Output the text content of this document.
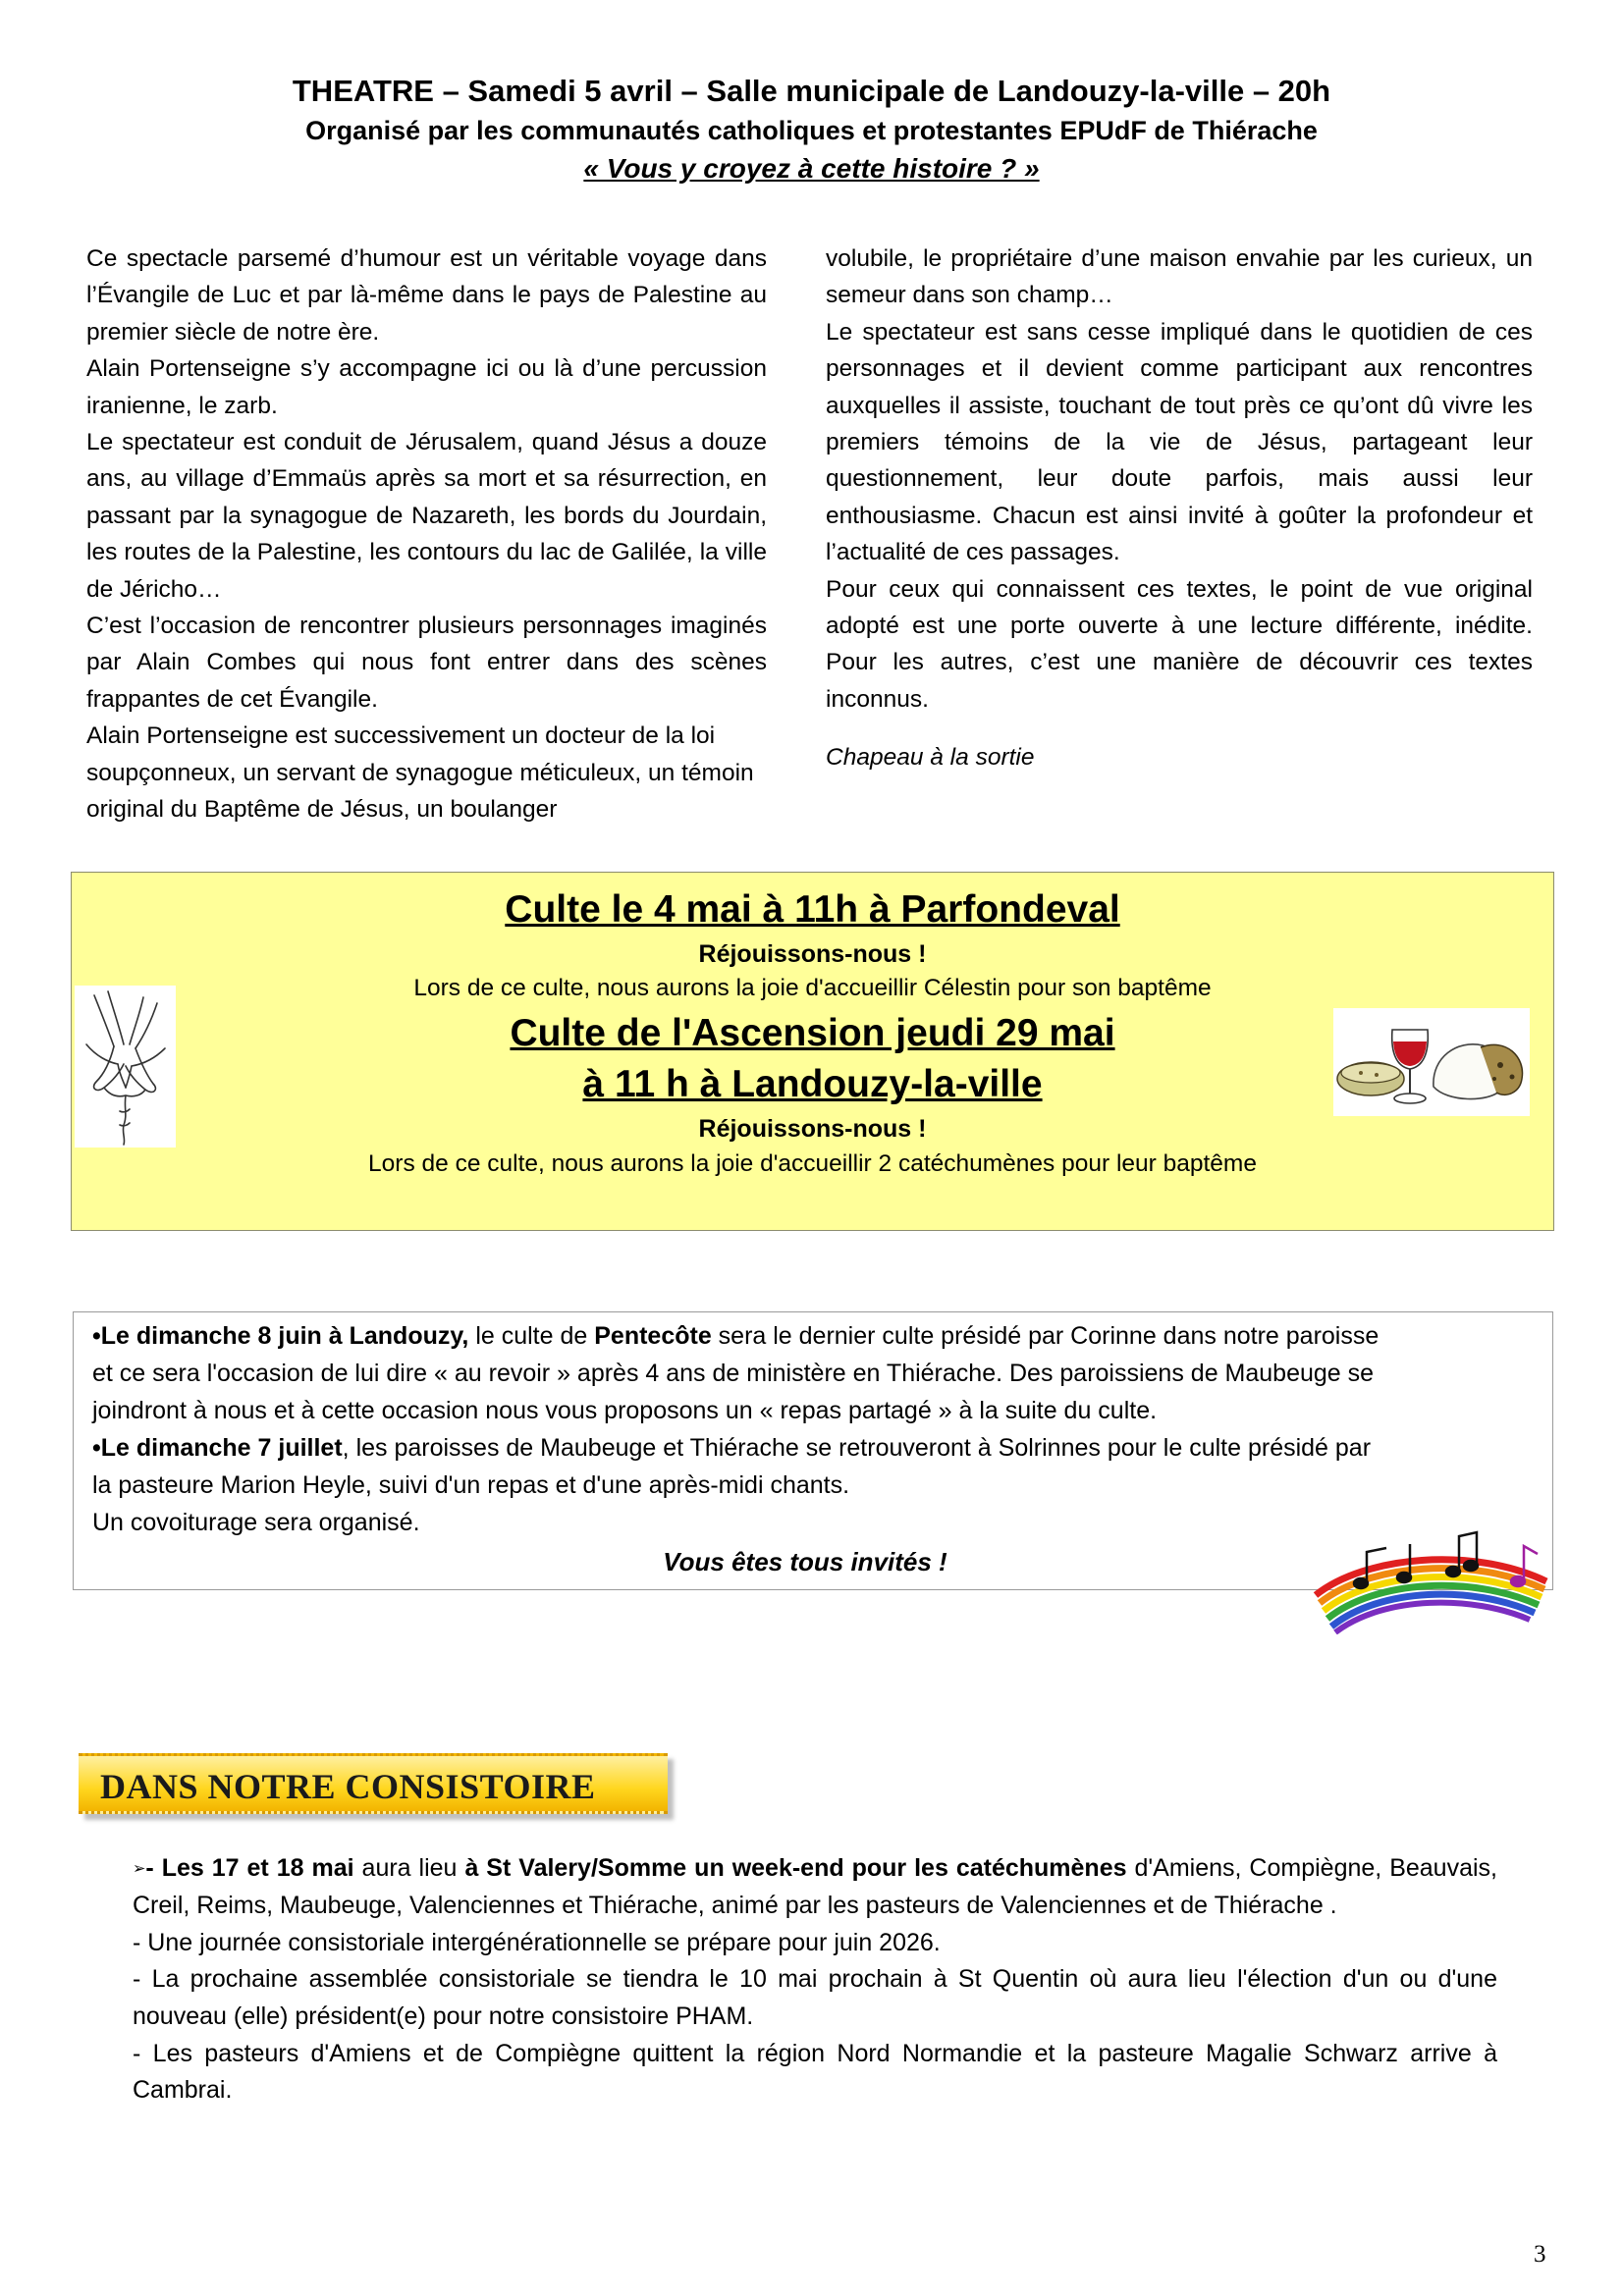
THEATRE – Samedi 5 avril – Salle municipale de Landouzy-la-ville – 20h
Organisé par les communautés catholiques et protestantes EPUdF de Thiérache
« Vous y croyez à cette histoire ? »

Ce spectacle parsemé d’humour est un véritable voyage dans l’Évangile de Luc et par là-même dans le pays de Palestine au premier siècle de notre ère.

Alain Portenseigne s’y accompagne ici ou là d’une percussion iranienne, le zarb.

Le spectateur est conduit de Jérusalem, quand Jésus a douze ans, au village d’Emmaüs après sa mort et sa résurrection, en passant par la synagogue de Nazareth, les bords du Jourdain, les routes de la Palestine, les contours du lac de Galilée, la ville de Jéricho…

C’est l’occasion de rencontrer plusieurs personnages imaginés par Alain Combes qui nous font entrer dans des scènes frappantes de cet Évangile.

Alain Portenseigne est successivement un docteur de la loi soupçonneux, un servant de synagogue méticuleux, un témoin original du Baptême de Jésus, un boulanger

volubile, le propriétaire d’une maison envahie par les curieux, un semeur dans son champ…

Le spectateur est sans cesse impliqué dans le quotidien de ces personnages et il devient comme participant aux rencontres auxquelles il assiste, touchant de tout près ce qu’ont dû vivre les premiers témoins de la vie de Jésus, partageant leur questionnement, leur doute parfois, mais aussi leur enthousiasme. Chacun est ainsi invité à goûter la profondeur et l’actualité de ces passages.

Pour ceux qui connaissent ces textes, le point de vue original adopté est une porte ouverte à une lecture différente, inédite. Pour les autres, c’est une manière de découvrir ces textes inconnus.

Chapeau à la sortie

Culte le 4 mai à 11h à Parfondeval
Réjouissons-nous !
Lors de ce culte, nous aurons la joie d'accueillir Célestin pour son baptême
Culte de l'Ascension jeudi 29 mai
à 11 h à Landouzy-la-ville
Réjouissons-nous !
Lors de ce culte, nous aurons la joie d'accueillir 2 catéchumènes pour leur baptême
•Le dimanche 8 juin à Landouzy, le culte de Pentecôte sera le dernier culte présidé par Corinne dans notre paroisse
et ce sera l'occasion de lui dire « au revoir » après 4 ans de ministère en Thiérache. Des paroissiens de Maubeuge se
joindront à nous et à cette occasion nous vous proposons un « repas partagé » à la suite du culte.
•Le dimanche 7 juillet, les paroisses de Maubeuge et Thiérache se retrouveront à Solrinnes pour le culte présidé par
la pasteure Marion Heyle, suivi d'un repas et d'une après-midi chants.
Un covoiturage sera organisé.
Vous êtes tous invités !
DANS NOTRE CONSISTOIRE

➢- Les 17 et 18 mai aura lieu à St Valery/Somme un week-end pour les catéchumènes d'Amiens, Compiègne, Beauvais, Creil, Reims, Maubeuge, Valenciennes et Thiérache, animé par les pasteurs de Valenciennes et de Thiérache .

- Une journée consistoriale intergénérationnelle se prépare pour juin 2026.

- La prochaine assemblée consistoriale se tiendra le 10 mai prochain à St Quentin où aura lieu l'élection d'un ou d'une nouveau (elle) président(e) pour notre consistoire PHAM.

- Les pasteurs d'Amiens et de Compiègne quittent la région Nord Normandie et la pasteure Magalie Schwarz arrive à Cambrai.

3
